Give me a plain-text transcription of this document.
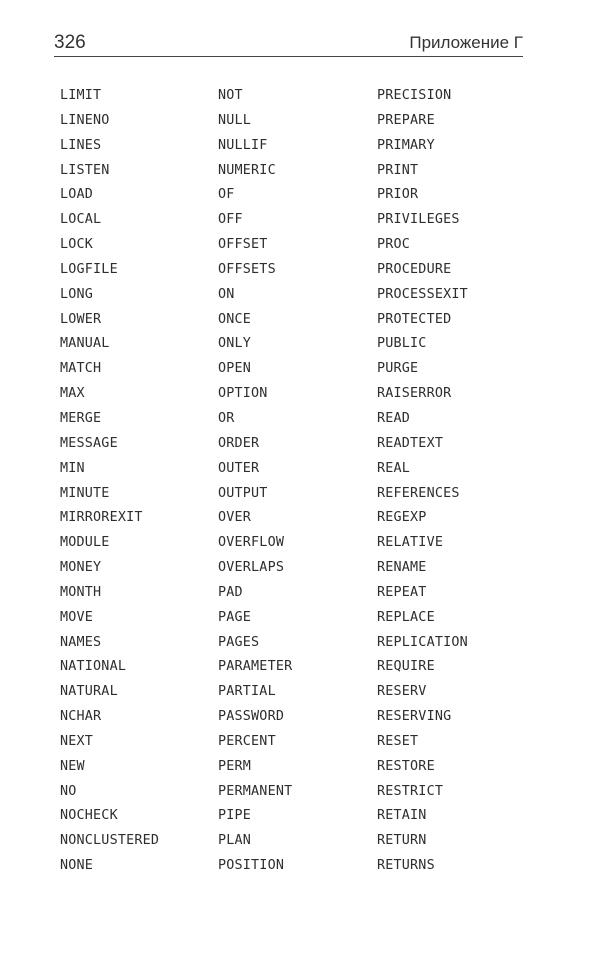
326	Приложение Г
LIMIT
LINENO
LINES
LISTEN
LOAD
LOCAL
LOCK
LOGFILE
LONG
LOWER
MANUAL
MATCH
MAX
MERGE
MESSAGE
MIN
MINUTE
MIRROREXIT
MODULE
MONEY
MONTH
MOVE
NAMES
NATIONAL
NATURAL
NCHAR
NEXT
NEW
NO
NOCHECK
NONCLUSTERED
NONE
NOT
NULL
NULLIF
NUMERIC
OF
OFF
OFFSET
OFFSETS
ON
ONCE
ONLY
OPEN
OPTION
OR
ORDER
OUTER
OUTPUT
OVER
OVERFLOW
OVERLAPS
PAD
PAGE
PAGES
PARAMETER
PARTIAL
PASSWORD
PERCENT
PERM
PERMANENT
PIPE
PLAN
POSITION
PRECISION
PREPARE
PRIMARY
PRINT
PRIOR
PRIVILEGES
PROC
PROCEDURE
PROCESSEXIT
PROTECTED
PUBLIC
PURGE
RAISERROR
READ
READTEXT
REAL
REFERENCES
REGEXP
RELATIVE
RENAME
REPEAT
REPLACE
REPLICATION
REQUIRE
RESERV
RESERVING
RESET
RESTORE
RESTRICT
RETAIN
RETURN
RETURNS
